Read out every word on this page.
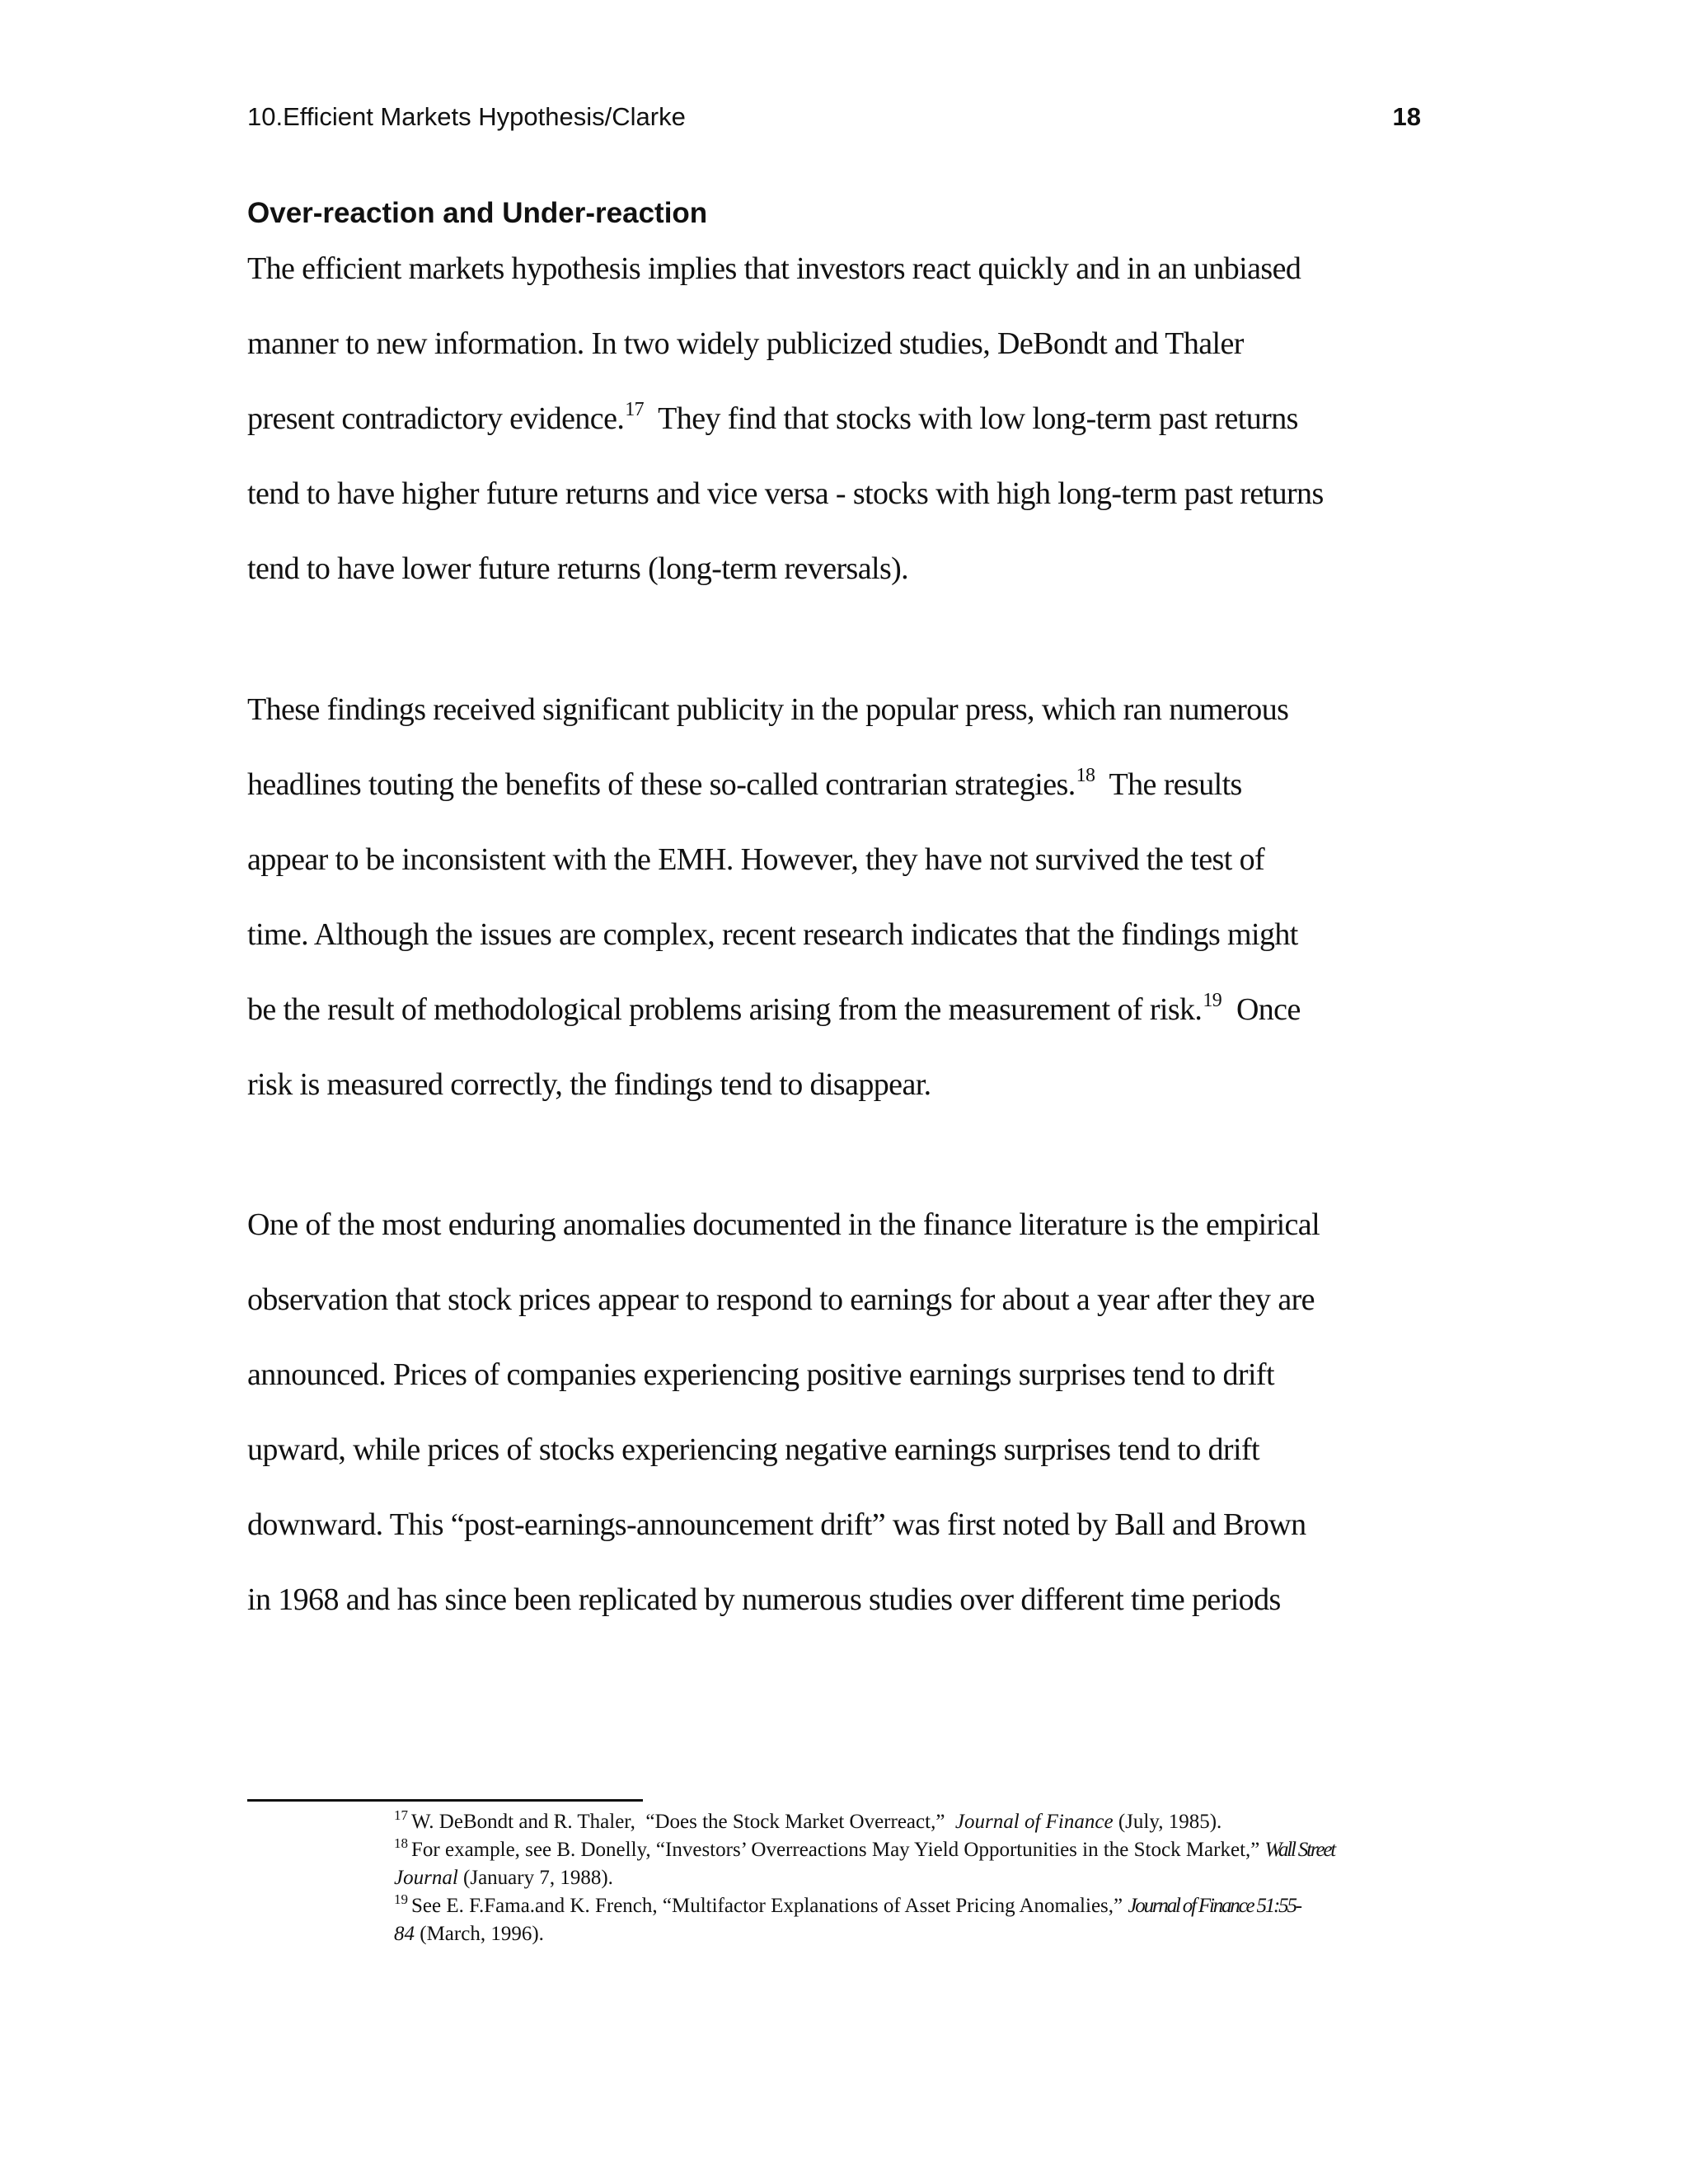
10.Efficient Markets Hypothesis/Clarke	18
Over-reaction and Under-reaction
The efficient markets hypothesis implies that investors react quickly and in an unbiased
manner to new information. In two widely publicized studies, DeBondt and Thaler
present contradictory evidence.$^{17}$  They find that stocks with low long-term past returns
tend to have higher future returns and vice versa - stocks with high long-term past returns
tend to have lower future returns (long-term reversals).
These findings received significant publicity in the popular press, which ran numerous
headlines touting the benefits of these so-called contrarian strategies.$^{18}$  The results
appear to be inconsistent with the EMH. However, they have not survived the test of
time. Although the issues are complex, recent research indicates that the findings might
be the result of methodological problems arising from the measurement of risk.$^{19}$  Once
risk is measured correctly, the findings tend to disappear.
One of the most enduring anomalies documented in the finance literature is the empirical
observation that stock prices appear to respond to earnings for about a year after they are
announced. Prices of companies experiencing positive earnings surprises tend to drift
upward, while prices of stocks experiencing negative earnings surprises tend to drift
downward. This “post-earnings-announcement drift” was first noted by Ball and Brown
in 1968 and has since been replicated by numerous studies over different time periods
$^{17}$ W. DeBondt and R. Thaler,  “Does the Stock Market Overreact,”  Journal of Finance (July, 1985).
$^{18}$ For example, see B. Donelly, “Investors’ Overreactions May Yield Opportunities in the Stock Market,” Wall Street
Journal (January 7, 1988).
$^{19}$ See E. F.Fama.and K. French, “Multifactor Explanations of Asset Pricing Anomalies,” Journal of Finance 51:55-
84 (March, 1996).
